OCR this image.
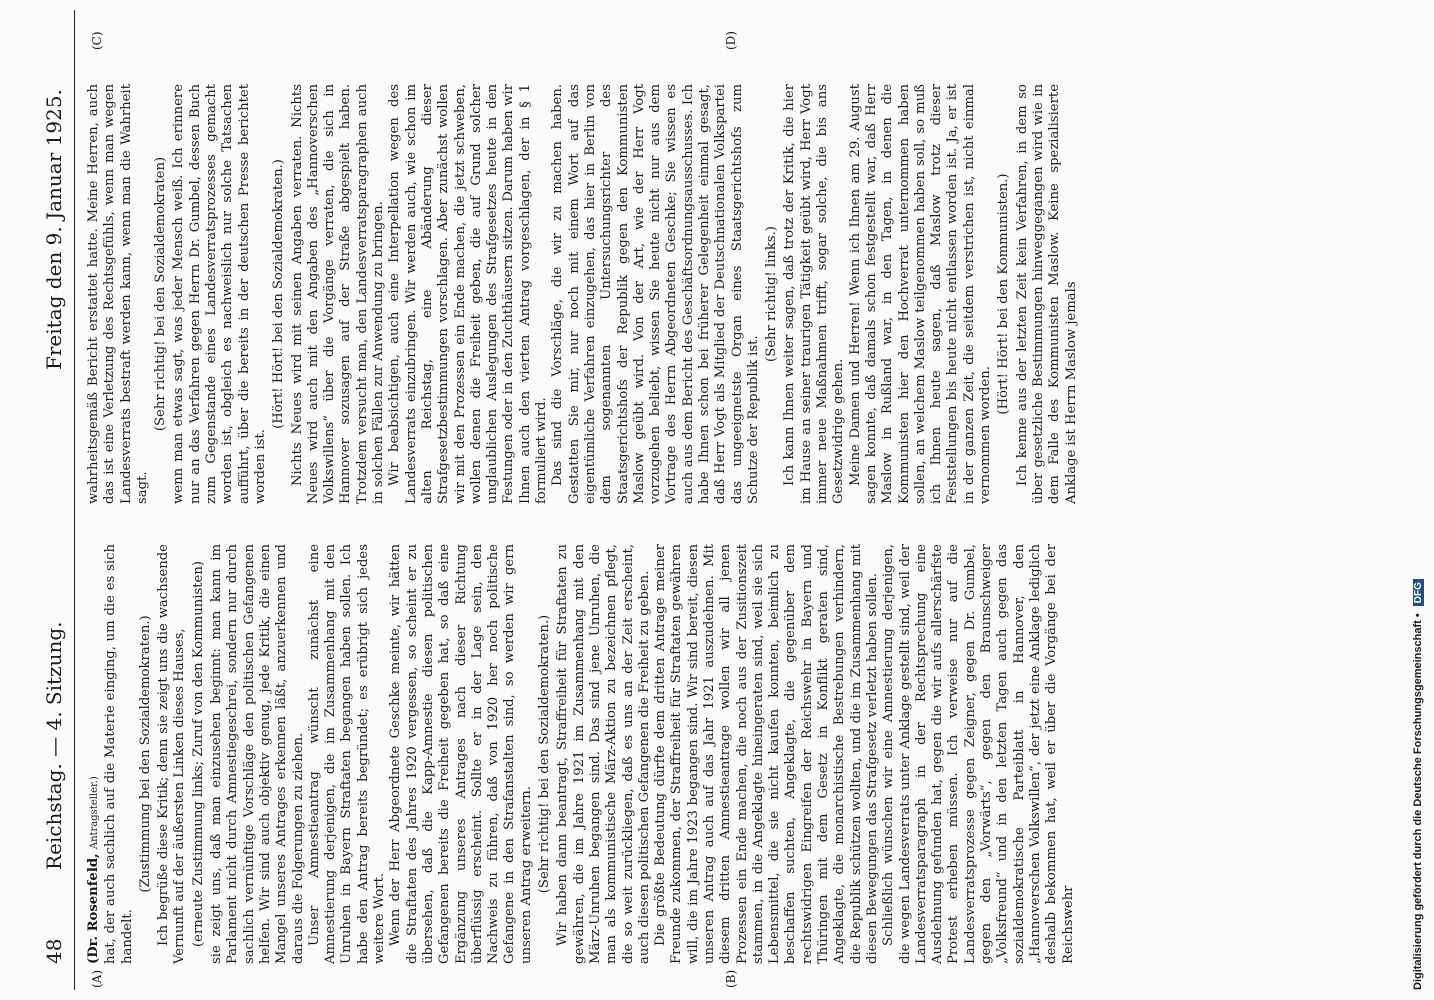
48
Reichstag. — 4. Sitzung.
Freitag den 9. Januar 1925.

(Dr. Rosenfeld, Antragsteller.) hat, der auch sachlich auf die Materie einging, um die es sich handelt.

(Zustimmung bei den Sozialdemokraten.) Ich begrüße diese Kritik; denn sie zeigt uns die wachsende Vernunft auf der äußersten Linken dieses Hauses, (erneute Zustimmung links; Zuruf von den Kommunisten) sie zeigt uns, daß man einzusehen beginnt: man kann im Parlament nicht durch Amnestiegeschrei, sondern nur durch sachlich vernünftige Vorschläge den politischen Gefangenen helfen. Wir sind auch objektiv genug, jede Kritik, die einen Mangel unseres Antrages erkennen läßt, anzuerkennen und daraus die Folgerungen zu ziehen. Unser Amnestieantrag wünscht zunächst eine Amnestierung derjenigen, die im Zusammenhang mit den Unruhen in Bayern Straftaten begangen haben sollen. Ich habe den Antrag bereits begründet; es erübrigt sich jedes weitere Wort. Wenn der Herr Abgeordnete Geschke meinte, wir hätten die Straftaten des Jahres 1920 vergessen, so scheint er zu übersehen, daß die Kapp-Amnestie diesen politischen Gefangenen bereits die Freiheit gegeben hat, so daß eine Ergänzung unseres Antrages nach dieser Richtung überflüssig erscheint. Sollte er in der Lage sein, den Nachweis zu führen, daß von 1920 her noch politische Gefangene in den Strafanstalten sind, so werden wir gern unseren Antrag erweitern. (Sehr richtig! bei den Sozialdemokraten.) Wir haben dann beantragt, Straffreiheit für Straftaten zu gewähren, die im Jahre 1921 im Zusammenhang mit den März-Unruhen begangen sind. Das sind jene Unruhen, die man als kommunistische März-Aktion zu bezeichnen pflegt, die so weit zurückliegen, daß es uns an der Zeit erscheint, auch diesen politischen Gefangenen die Freiheit zu geben. Die größte Bedeutung dürfte dem dritten Antrage meiner Freunde zukommen, der Straffreiheit für Straftaten gewähren will, die im Jahre 1923 begangen sind. Wir sind bereit, diesen unseren Antrag auch auf das Jahr 1921 auszudehnen. Mit diesem dritten Amnestieantrage wollen wir all jenen Prozessen ein Ende machen, die noch aus der Zusitionszeit stammen, in die Angeklagte hineingeraten sind, weil sie sich Lebensmittel, die sie nicht kaufen konnten, beimlich zu beschaffen suchten, Angeklagte, die gegenüber dem rechtswidrigen Eingreifen der Reichswehr in Bayern und Thüringen mit dem Gesetz in Konflikt geraten sind, Angeklagte, die monarchistische Bestrebungen verhindern, die Republik schützen wollten, und die im Zusammenhang mit diesen Bewegungen das Strafgesetz verletzt haben sollen. Schließlich wünschen wir eine Amnestierung derjenigen, die wegen Landesverrats unter Anklage gestellt sind, weil der Landesverratsparagraph in der Rechtsprechung eine Ausdehnung gefunden hat, gegen die wir aufs allerschärfste Protest erheben müssen. Ich verweise nur auf die Landesverratsprozesse gegen Zeigner, gegen Dr. Gumbel, gegen den „Vorwärts“, gegen den Braunschweiger „Volksfreund“ und in den letzten Tagen auch gegen das sozialdemokratische Parteiblatt in Hannover, den „Hannoverschen Volkswillen“, der jetzt eine Anklage lediglich deshalb bekommen hat, weil er über die Vorgänge bei der Reichswehr

wahrheitsgemäß Bericht erstattet hatte. Meine Herren, auch das ist eine Verletzung des Rechtsgefühls, wenn man wegen Landesverrats bestraft werden kann, wenn man die Wahrheit sagt.

(Sehr richtig! bei den Sozialdemokraten) wenn man etwas sagt, was jeder Mensch weiß. Ich erinnere nur an das Verfahren gegen Herrn Dr. Gumbel, dessen Buch zum Gegenstande eines Landesverratsprozesses gemacht worden ist, obgleich es nachweislich nur solche Tatsachen aufführt, über die bereits in der deutschen Presse berichtet worden ist.

(Hört! Hört! bei den Sozialdemokraten.) Nichts Neues wird mit seinen Angaben verraten. Nichts Neues wird auch mit den Angaben des „Hannoverschen Volkswillens“ über die Vorgänge verraten, die sich in Hannover sozusagen auf der Straße abgespielt haben. Trotzdem versucht man, den Landesverratsparagraphen auch in solchen Fällen zur Anwendung zu bringen. Wir beabsichtigen, auch eine Interpellation wegen des Landesverrats einzubringen. Wir werden auch, wie schon im alten Reichstag, eine Abänderung dieser Strafgesetzbestimmungen vorschlagen. Aber zunächst wollen wir mit den Prozessen ein Ende machen, die jetzt schweben, wollen denen die Freiheit geben, die auf Grund solcher unglaublichen Auslegungen des Strafgesetzes heute in den Festungen oder in den Zuchthäusern sitzen. Darum haben wir Ihnen auch den vierten Antrag vorgeschlagen, der in § 1 formuliert wird. Das sind die Vorschläge, die wir zu machen haben. Gestatten Sie mir, nur noch mit einem Wort auf das eigentümliche Verfahren einzugehen, das hier in Berlin von dem sogenannten Untersuchungsrichter des Staatsgerichtshofs der Republik gegen den Kommunisten Maslow geübt wird. Von der Art, wie der Herr Vogt vorzugehen beliebt, wissen Sie heute nicht nur aus dem Vortrage des Herrn Abgeordneten Geschke; Sie wissen es auch aus dem Bericht des Geschäftsordnungsausschusses. Ich habe Ihnen schon bei früherer Gelegenheit einmal gesagt, daß Herr Vogt als Mitglied der Deutschnationalen Volkspartei das ungeeignetste Organ eines Staatsgerichtshofs zum Schutze der Republik ist.

(Sehr richtig! links.) Ich kann Ihnen weiter sagen, daß trotz der Kritik, die hier im Hause an seiner traurigen Tätigkeit geübt wird, Herr Vogt immer neue Maßnahmen trifft, sogar solche, die bis ans Gesetzwidrige gehen. Meine Damen und Herren! Wenn ich Ihnen am 29. August sagen konnte, daß damals schon festgestellt war, daß Herr Maslow in Rußland war, in den Tagen, in denen die Kommunisten hier den Hochverrat unternommen haben sollen, an welchem Maslow teilgenommen haben soll, so muß ich Ihnen heute sagen, daß Maslow trotz dieser Feststellungen bis heute nicht entlassen worden ist. Ja, er ist in der ganzen Zeit, die seitdem verstrichen ist, nicht einmal vernommen worden.

(Hört! Hört! bei den Kommunisten.) Ich kenne aus der letzten Zeit kein Verfahren, in dem so über gesetzliche Bestimmungen hinweggegangen wird wie in dem Falle des Kommunisten Maslow. Keine spezialisierte Anklage ist Herrn Maslow jemals

(A)	(B)
(C)	(D)
Digitalisierung gefördert durch die Deutsche Forschungsgemeinschaft • DFG
